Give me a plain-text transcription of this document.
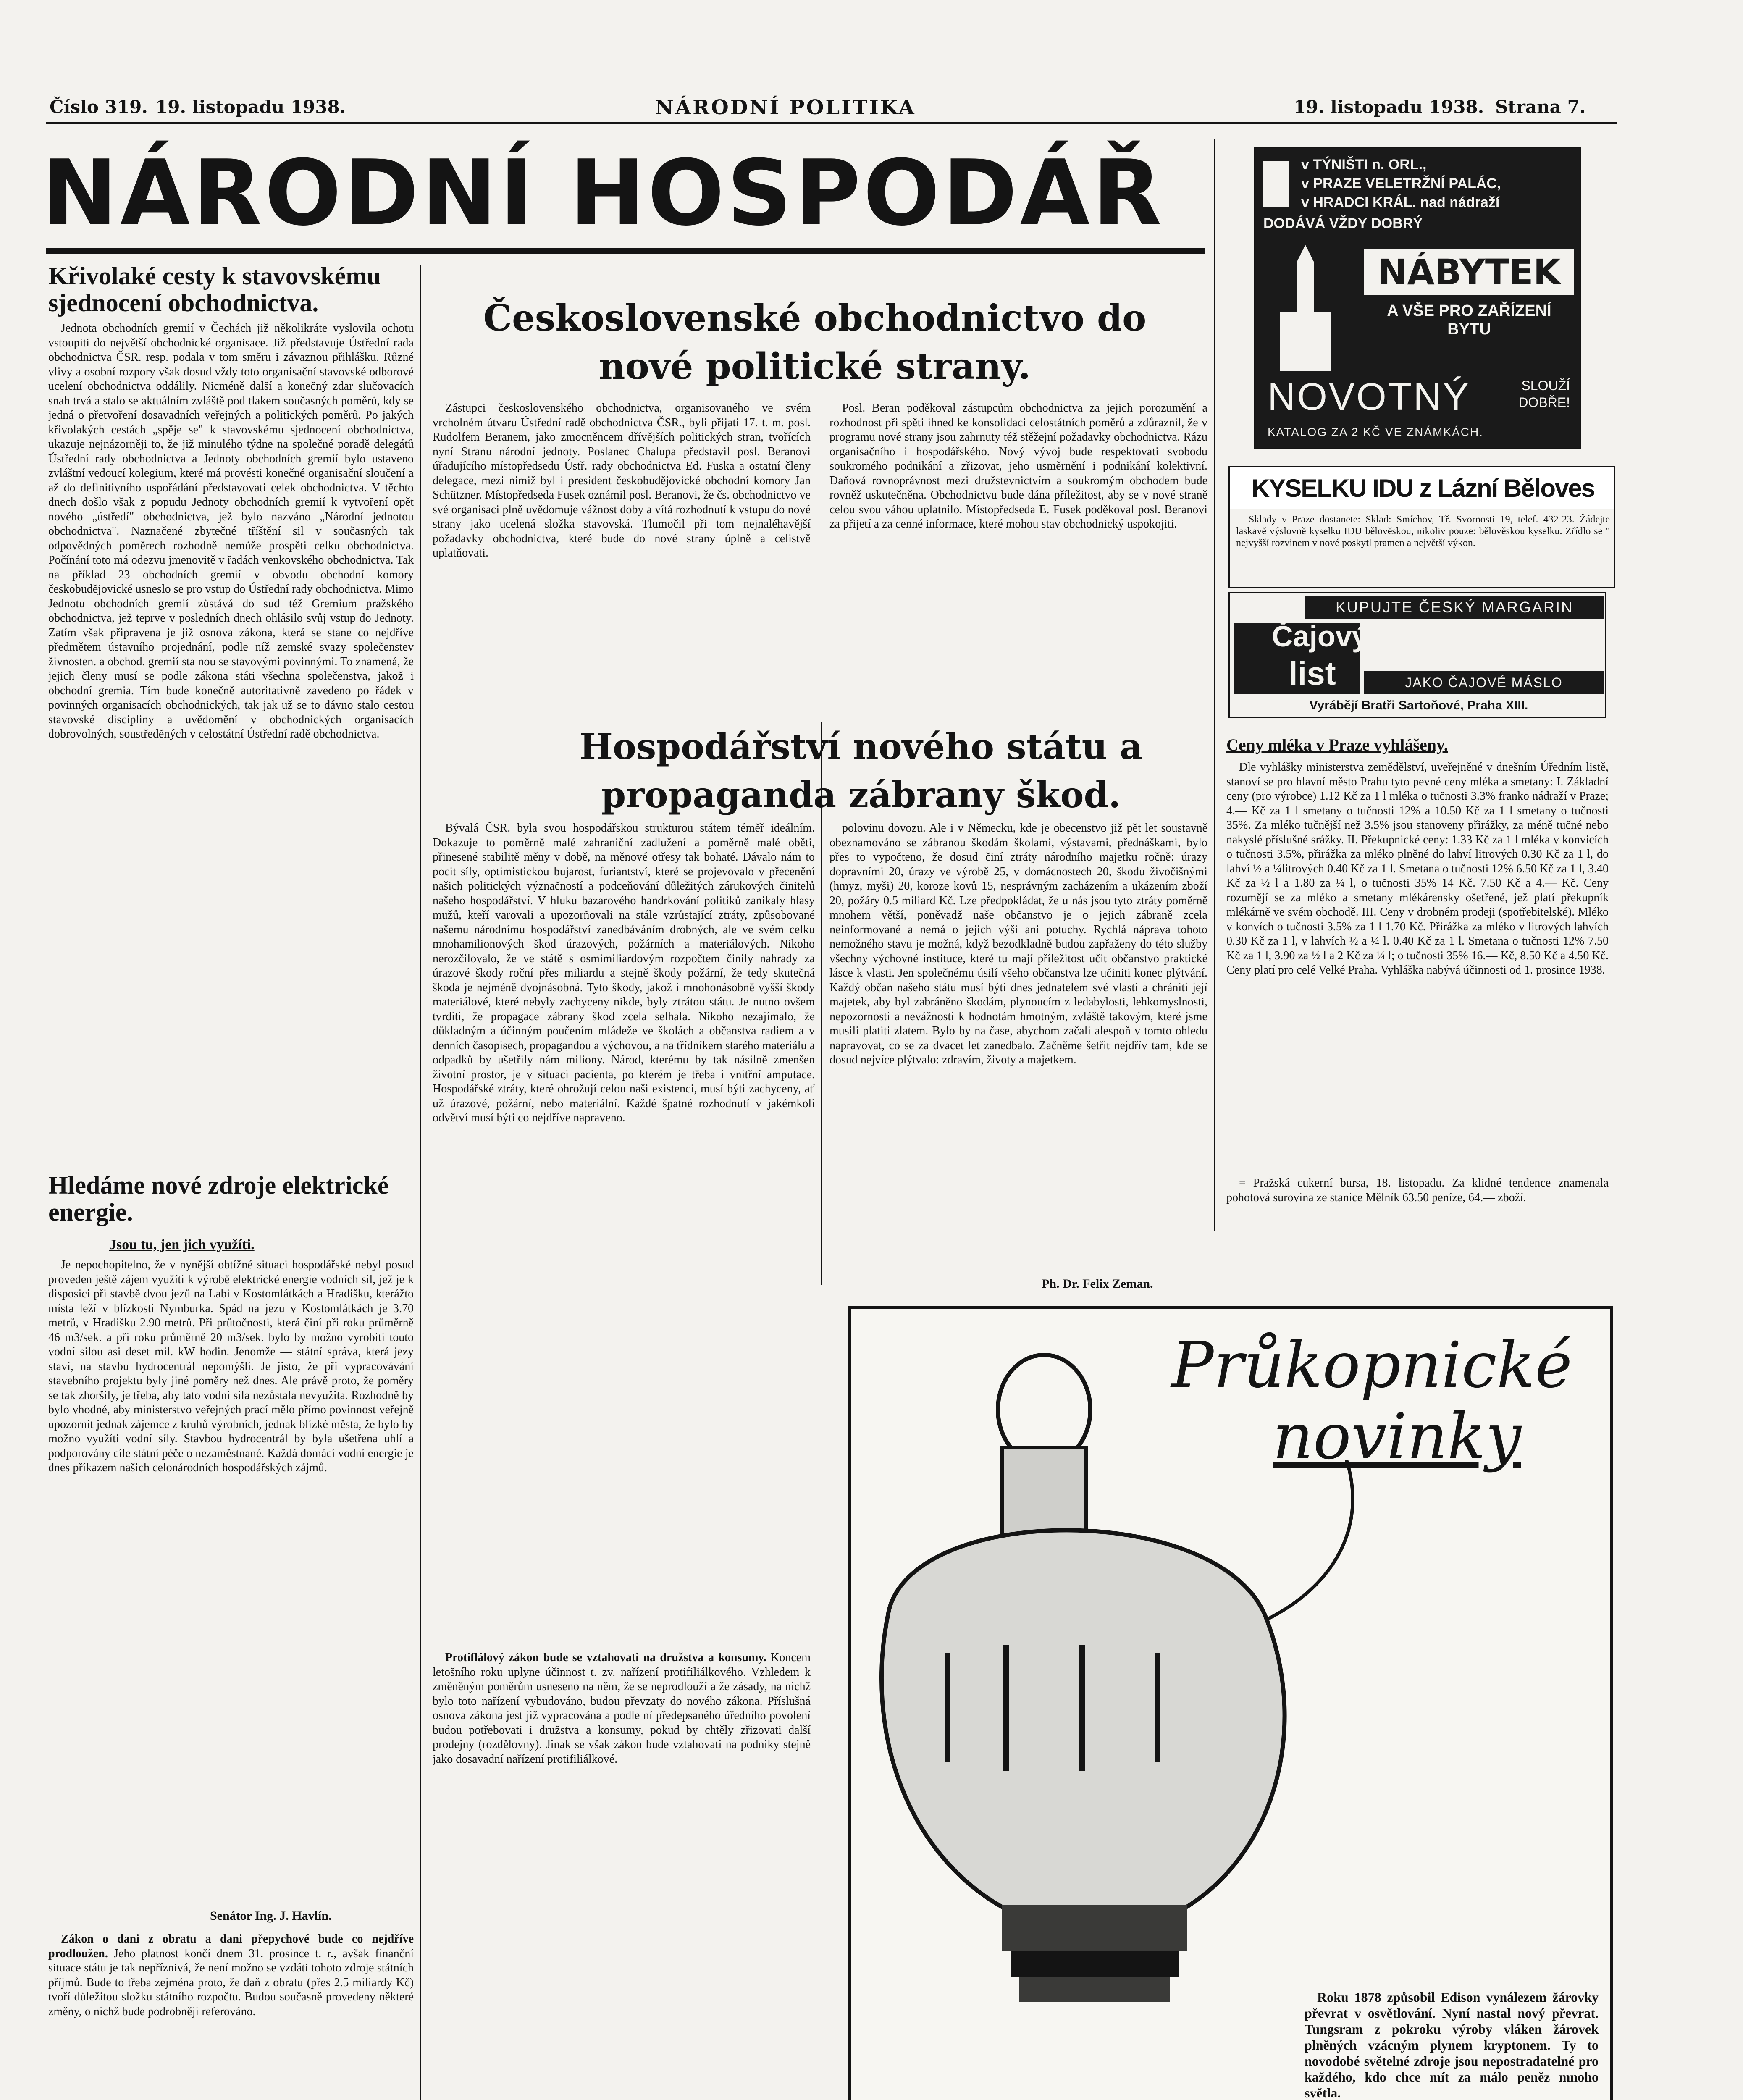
Číslo 319. 19. listopadu 1938.	NÁRODNÍ POLITIKA	19. listopadu 1938. Strana 7.
NÁRODNÍ HOSPODÁŘ
Křivolaké cesty k stavovskému sjednocení obchodnictva.

Jednota obchodních gremií v Čechách již několikráte vyslovila ochotu vstoupiti do největší obchodnické organisace. Již představuje Ústřední rada obchodnictva ČSR. resp. podala v tom směru i závaznou přihlášku. Různé vlivy a osobní rozpory však dosud vždy toto organisační stavovské odborové ucelení obchodnictva oddálily. Nicméně další a konečný zdar slučovacích snah trvá a stalo se aktuálním zvláště pod tlakem současných poměrů, kdy se jedná o přetvoření dosavadních veřejných a politických poměrů. Po jakých křivolakých cestách „spěje se" k stavovskému sjednocení obchodnictva, ukazuje nejnázorněji to, že již minulého týdne na společné poradě delegátů Ústřední rady obchodnictva a Jednoty obchodních gremií bylo ustaveno zvláštní vedoucí kolegium, které má provésti konečné organisační sloučení a až do definitivního uspořádání představovati celek obchodnictva. V těchto dnech došlo však z popudu Jednoty obchodních gremií k vytvoření opět nového „ústředí" obchodnictva, jež bylo nazváno „Národní jednotou obchodnictva". Naznačené zbytečné tříštění sil v současných tak odpovědných poměrech rozhodně nemůže prospěti celku obchodnictva. Počínání toto má odezvu jmenovitě v řadách venkovského obchodnictva. Tak na příklad 23 obchodních gremií v obvodu obchodní komory českobudějovické usneslo se pro vstup do Ústřední rady obchodnictva. Mimo Jednotu obchodních gremií zůstává do sud též Gremium pražského obchodnictva, jež teprve v posledních dnech ohlásilo svůj vstup do Jednoty. Zatím však připravena je již osnova zákona, která se stane co nejdříve předmětem ústavního projednání, podle níž zemské svazy společenstev živnosten. a obchod. gremií sta nou se stavovými povinnými. To znamená, že jejich členy musí se podle zákona státi všechna společenstva, jakož i obchodní gremia. Tím bude konečně autoritativně zavedeno po řádek v povinných organisacích obchodnických, tak jak už se to dávno stalo cestou stavovské discipliny a uvědomění v obchodnických organisacích dobrovolných, soustředěných v celostátní Ústřední radě obchodnictva.

Hledáme nové zdroje elektrické energie.
Jsou tu, jen jich využíti.

Je nepochopitelno, že v nynější obtížné situaci hospodářské nebyl posud proveden ještě zájem využíti k výrobě elektrické energie vodních sil, jež je k disposici při stavbě dvou jezů na Labi v Kostomlátkách a Hradišku, kterážto místa leží v blízkosti Nymburka. Spád na jezu v Kostomlátkách je 3.70 metrů, v Hradišku 2.90 metrů. Při průtočnosti, která činí při roku průměrně 46 m3/sek. a při roku průměrně 20 m3/sek. bylo by možno vyrobiti touto vodní silou asi deset mil. kW hodin. Jenomže — státní správa, která jezy staví, na stavbu hydrocentrál nepomýšlí. Je jisto, že při vypracovávání stavebního projektu byly jiné poměry než dnes. Ale právě proto, že poměry se tak zhoršily, je třeba, aby tato vodní síla nezůstala nevyužita. Rozhodně by bylo vhodné, aby ministerstvo veřejných prací mělo přímo povinnost veřejně upozornit jednak zájemce z kruhů výrobních, jednak blízké města, že bylo by možno využíti vodní síly. Stavbou hydrocentrál by byla ušetřena uhlí a podporovány cíle státní péče o nezaměstnané. Každá domácí vodní energie je dnes příkazem našich celonárodních hospodářských zájmů.

Senátor Ing. J. Havlín.

Zákon o dani z obratu a dani přepychové bude co nejdříve prodloužen. Jeho platnost končí dnem 31. prosince t. r., avšak finanční situace státu je tak nepříznivá, že není možno se vzdáti tohoto zdroje státních příjmů. Bude to třeba zejména proto, že daň z obratu (přes 2.5 miliardy Kč) tvoří důležitou složku státního rozpočtu. Budou současně provedeny některé změny, o nichž bude podrobněji referováno.

Československé obchodnictvo do nové politické strany.

Zástupci československého obchodnictva, organisovaného ve svém vrcholném útvaru Ústřední radě obchodnictva ČSR., byli přijati 17. t. m. posl. Rudolfem Beranem, jako zmocněncem dřívějších politických stran, tvořících nyní Stranu národní jednoty. Poslanec Chalupa představil posl. Beranovi úřadujícího místopředsedu Ústř. rady obchodnictva Ed. Fuska a ostatní členy delegace, mezi nimiž byl i president českobudějovické obchodní komory Jan Schützner. Místopředseda Fusek oznámil posl. Beranovi, že čs. obchodnictvo ve své organisaci plně uvědomuje vážnost doby a vítá rozhodnutí k vstupu do nové strany jako ucelená složka stavovská. Tlumočil při tom nejnaléhavější požadavky obchodnictva, které bude do nové strany úplně a celistvě uplatňovati.

Posl. Beran poděkoval zástupcům obchodnictva za jejich porozumění a rozhodnost při spěti ihned ke konsolidaci celostátních poměrů a zdůraznil, že v programu nové strany jsou zahrnuty též stěžejní požadavky obchodnictva. Rázu organisačního i hospodářského. Nový vývoj bude respektovati svobodu soukromého podnikání a zřizovat, jeho usměrnění i podnikání kolektivní. Daňová rovnoprávnost mezi družstevnictvím a soukromým obchodem bude rovněž uskutečněna. Obchodnictvu bude dána příležitost, aby se v nové straně celou svou váhou uplatnilo. Místopředseda E. Fusek poděkoval posl. Beranovi za přijetí a za cenné informace, které mohou stav obchodnický uspokojiti.

Hospodářství nového státu a propaganda zábrany škod.

Bývalá ČSR. byla svou hospodářskou strukturou státem téměř ideálním. Dokazuje to poměrně malé zahraniční zadlužení a poměrně malé oběti, přinesené stabilitě měny v době, na měnové otřesy tak bohaté. Dávalo nám to pocit síly, optimistickou bujarost, furiantství, které se projevovalo v přecenění našich politických význačností a podceňování důležitých zárukových činitelů našeho hospodářství. V hluku bazarového handrkování politiků zanikaly hlasy mužů, kteří varovali a upozorňovali na stále vzrůstající ztráty, způsobované našemu národnímu hospodářství zanedbáváním drobných, ale ve svém celku mnohamilionových škod úrazových, požárních a materiálových. Nikoho nerozčilovalo, že ve státě s osmimiliardovým rozpočtem činily nahrady za úrazové škody roční přes miliardu a stejně škody požární, že tedy skutečná škoda je nejméně dvojnásobná. Tyto škody, jakož i mnohonásobně vyšší škody materiálové, které nebyly zachyceny nikde, byly ztrátou státu. Je nutno ovšem tvrditi, že propagace zábrany škod zcela selhala. Nikoho nezajímalo, že důkladným a účinným poučením mládeže ve školách a občanstva radiem a v denních časopisech, propagandou a výchovou, a na třídníkem starého materiálu a odpadků by ušetřily nám miliony. Národ, kterému by tak násilně zmenšen životní prostor, je v situaci pacienta, po kterém je třeba i vnitřní amputace. Hospodářské ztráty, které ohrožují celou naši existenci, musí býti zachyceny, ať už úrazové, požární, nebo materiální. Každé špatné rozhodnutí v jakémkoli odvětví musí býti co nejdříve napraveno.

polovinu dovozu. Ale i v Německu, kde je obecenstvo již pět let soustavně obeznamováno se zábranou škodám školami, výstavami, přednáškami, bylo přes to vypočteno, že dosud činí ztráty národního majetku ročně: úrazy dopravními 20, úrazy ve výrobě 25, v domácnostech 20, škodu živočišnými (hmyz, myši) 20, koroze kovů 15, nesprávným zacházením a ukázením zboží 20, požáry 0.5 miliard Kč. Lze předpokládat, že u nás jsou tyto ztráty poměrně mnohem větší, poněvadž naše občanstvo je o jejich zábraně zcela neinformované a nemá o jejich výši ani potuchy. Rychlá náprava tohoto nemožného stavu je možná, když bezodkladně budou zapřaženy do této služby všechny výchovné instituce, které tu mají příležitost učit občanstvo praktické lásce k vlasti. Jen společnému úsilí všeho občanstva lze učiniti konec plýtvání. Každý občan našeho státu musí býti dnes jednatelem své vlasti a chrániti její majetek, aby byl zabráněno škodám, plynoucím z ledabylosti, lehkomyslnosti, nepozornosti a nevážnosti k hodnotám hmotným, zvláště takovým, které jsme musili platiti zlatem. Bylo by na čase, abychom začali alespoň v tomto ohledu napravovat, co se za dvacet let zanedbalo. Začněme šetřit nejdřív tam, kde se dosud nejvíce plýtvalo: zdravím, životy a majetkem.

Ph. Dr. Felix Zeman.

Protiflálový zákon bude se vztahovati na družstva a konsumy. Koncem letošního roku uplyne účinnost t. zv. nařízení protifiliálkového. Vzhledem k změněným poměrům usneseno na něm, že se neprodlouží a že zásady, na nichž bylo toto nařízení vybudováno, budou převzaty do nového zákona. Příslušná osnova zákona jest již vypracována a podle ní předepsaného úředního povolení budou potřebovati i družstva a konsumy, pokud by chtěly zřizovati další prodejny (rozdělovny). Jinak se však zákon bude vztahovati na podniky stejně jako dosavadní nařízení protifiliálkové.

v TÝNIŠTI n. ORL.,
v PRAZE VELETRŽNÍ PALÁC,
v HRADCI KRÁL. nad nádraží
DODÁVÁ VŽDY DOBRÝ
NÁBYTEK
A VŠE PRO ZAŘÍZENÍ BYTU
NOVOTNÝ	SLOUŽÍ DOBŘE!
KATALOG ZA 2 KČ VE ZNÁMKÁCH.
KYSELKU IDU z Lázní Běloves

Sklady v Praze dostanete: Sklad: Smíchov, Tř. Svornosti 19, telef. 432-23. Žádejte laskavě výslovně kyselku IDU bělověskou, nikoliv pouze: bělověskou kyselku. Zřídlo se " nejvyšší rozvinem v nové poskytl pramen a největší výkon.

KUPUJTE ČESKÝ MARGARIN
Čajový
list	JAKO ČAJOVÉ MÁSLO
Vyrábějí Bratři Sartoňové, Praha XIII.
Ceny mléka v Praze vyhlášeny.

Dle vyhlášky ministerstva zemědělství, uveřejněné v dnešním Úředním listě, stanoví se pro hlavní město Prahu tyto pevné ceny mléka a smetany: I. Základní ceny (pro výrobce) 1.12 Kč za 1 l mléka o tučnosti 3.3% franko nádraží v Praze; 4.— Kč za 1 l smetany o tučnosti 12% a 10.50 Kč za 1 l smetany o tučnosti 35%. Za mléko tučnější než 3.5% jsou stanoveny přirážky, za méně tučné nebo nakyslé příslušné srážky. II. Překupnické ceny: 1.33 Kč za 1 l mléka v konvicích o tučnosti 3.5%, přirážka za mléko plněné do lahví litrových 0.30 Kč za 1 l, do lahví ½ a ¼litrových 0.40 Kč za 1 l. Smetana o tučnosti 12% 6.50 Kč za 1 l, 3.40 Kč za ½ l a 1.80 za ¼ l, o tučnosti 35% 14 Kč. 7.50 Kč a 4.— Kč. Ceny rozumějí se za mléko a smetany mlékárensky ošetřené, jež platí překupník mlékárně ve svém obchodě. III. Ceny v drobném prodeji (spotřebitelské). Mléko v konvích o tučnosti 3.5% za 1 l 1.70 Kč. Přirážka za mléko v litrových lahvích 0.30 Kč za 1 l, v lahvích ½ a ¼ l. 0.40 Kč za 1 l. Smetana o tučnosti 12% 7.50 Kč za 1 l, 3.90 za ½ l a 2 Kč za ¼ l; o tučnosti 35% 16.— Kč, 8.50 Kč a 4.50 Kč. Ceny platí pro celé Velké Praha. Vyhláška nabývá účinnosti od 1. prosince 1938.

= Pražská cukerní bursa, 18. listopadu. Za klidné tendence znamenala pohotová surovina ze stanice Mělník 63.50 peníze, 64.— zboží.

Průkopnické
novinky

Roku 1878 způsobil Edison vynálezem žárovky převrat v osvětlování. Nyní nastal nový převrat. Tungsram z pokroku výroby vláken žárovek plněných vzácným plynem kryptonem. Ty to novodobé světelné zdroje jsou nepostradatelné pro každého, kdo chce mít za málo peněz mnoho světla.
